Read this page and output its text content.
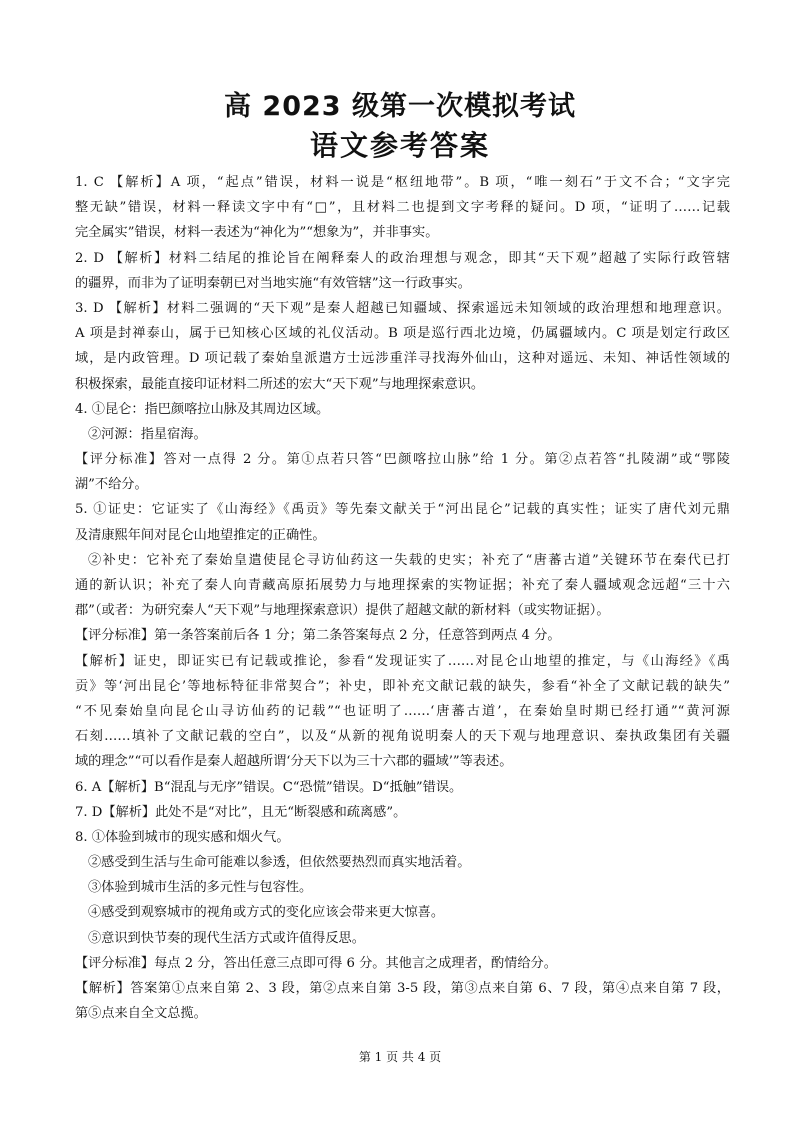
高 2023 级第一次模拟考试
语文参考答案
1. C 【解析】A 项，“起点”错误，材料一说是“枢纽地带”。B 项，“唯一刻石”于文不合；“文字完
整无缺”错误，材料一释读文字中有“□”，且材料二也提到文字考释的疑问。D 项，“证明了……记载
完全属实”错误，材料一表述为“神化为”“想象为”，并非事实。
2. D 【解析】材料二结尾的推论旨在阐释秦人的政治理想与观念，即其“天下观”超越了实际行政管辖
的疆界，而非为了证明秦朝已对当地实施“有效管辖”这一行政事实。
3. D 【解析】材料二强调的“天下观”是秦人超越已知疆域、探索遥远未知领域的政治理想和地理意识。
A 项是封禅泰山，属于已知核心区域的礼仪活动。B 项是巡行西北边境，仍属疆域内。C 项是划定行政区
域，是内政管理。D 项记载了秦始皇派遣方士远涉重洋寻找海外仙山，这种对遥远、未知、神话性领域的
积极探索，最能直接印证材料二所述的宏大“天下观”与地理探索意识。
4. ①昆仑：指巴颜喀拉山脉及其周边区域。
②河源：指星宿海。
【评分标准】答对一点得 2 分。第①点若只答“巴颜喀拉山脉”给 1 分。第②点若答“扎陵湖”或“鄂陵
湖”不给分。
5. ①证史：它证实了《山海经》《禹贡》等先秦文献关于“河出昆仑”记载的真实性；证实了唐代刘元鼎
及清康熙年间对昆仑山地望推定的正确性。
②补史：它补充了秦始皇遣使昆仑寻访仙药这一失载的史实；补充了“唐蕃古道”关键环节在秦代已打
通的新认识；补充了秦人向青藏高原拓展势力与地理探索的实物证据；补充了秦人疆域观念远超“三十六
郡”（或者：为研究秦人“天下观”与地理探索意识）提供了超越文献的新材料（或实物证据）。
【评分标准】第一条答案前后各 1 分；第二条答案每点 2 分，任意答到两点 4 分。
【解析】证史，即证实已有记载或推论，参看“发现证实了……对昆仑山地望的推定，与《山海经》《禹
贡》等‘河出昆仑’等地标特征非常契合”；补史，即补充文献记载的缺失，参看“补全了文献记载的缺失”
“不见秦始皇向昆仑山寻访仙药的记载”“也证明了……‘唐蕃古道’，在秦始皇时期已经打通”“黄河源
石刻……填补了文献记载的空白”，以及“从新的视角说明秦人的天下观与地理意识、秦执政集团有关疆
域的理念”“可以看作是秦人超越所谓‘分天下以为三十六郡的疆域’”等表述。
6. A【解析】B“混乱与无序”错误。C“恐慌”错误。D“抵触”错误。
7. D【解析】此处不是“对比”，且无“断裂感和疏离感”。
8. ①体验到城市的现实感和烟火气。
②感受到生活与生命可能难以参透，但依然要热烈而真实地活着。
③体验到城市生活的多元性与包容性。
④感受到观察城市的视角或方式的变化应该会带来更大惊喜。
⑤意识到快节奏的现代生活方式或许值得反思。
【评分标准】每点 2 分，答出任意三点即可得 6 分。其他言之成理者，酌情给分。
【解析】答案第①点来自第 2、3 段，第②点来自第 3-5 段，第③点来自第 6、7 段，第④点来自第 7 段，
第⑤点来自全文总揽。
第 1 页 共 4 页
